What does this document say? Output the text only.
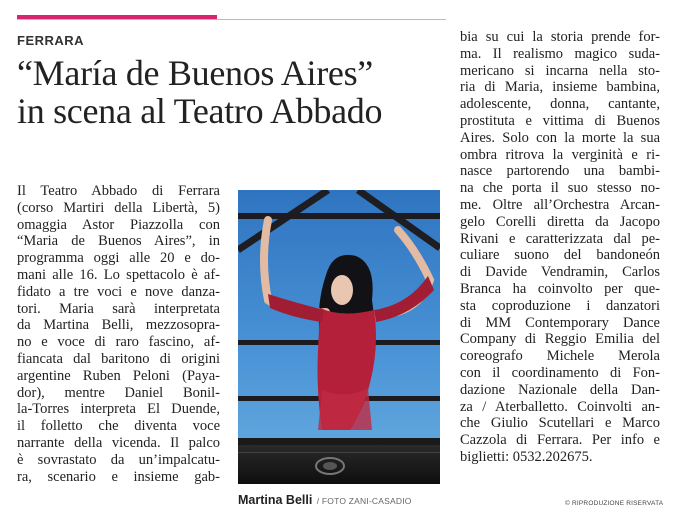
FERRARA
“María de Buenos Aires”
in scena al Teatro Abbado
Il Teatro Abbado di Ferrara
(corso Martiri della Libertà, 5)
omaggia Astor Piazzolla con
“Maria de Buenos Aires”, in
programma oggi alle 20 e do-
mani alle 16. Lo spettacolo è af-
fidato a tre voci e nove danza-
tori. Maria sarà interpretata
da Martina Belli, mezzosopra-
no e voce di raro fascino, af-
fiancata dal baritono di origini
argentine Ruben Peloni (Paya-
dor), mentre Daniel Bonil-
la-Torres interpreta El Duende,
il folletto che diventa voce
narrante della vicenda. Il palco
è sovrastato da un’impalcatu-
ra, scenario e insieme gab-
Martina Belli / FOTO ZANI-CASADIO
bia su cui la storia prende for-
ma. Il realismo magico suda-
mericano si incarna nella sto-
ria di Maria, insieme bambina,
adolescente, donna, cantante,
prostituta e vittima di Buenos
Aires. Solo con la morte la sua
ombra ritrova la verginità e ri-
nasce partorendo una bambi-
na che porta il suo stesso no-
me. Oltre all’Orchestra Arcan-
gelo Corelli diretta da Jacopo
Rivani e caratterizzata dal pe-
culiare suono del bandoneón
di Davide Vendramin, Carlos
Branca ha coinvolto per que-
sta coproduzione i danzatori
di MM Contemporary Dance
Company di Reggio Emilia del
coreografo Michele Merola
con il coordinamento di Fon-
dazione Nazionale della Dan-
za / Aterballetto. Coinvolti an-
che Giulio Scutellari e Marco
Cazzola di Ferrara. Per info e
biglietti: 0532.202675.
© RIPRODUZIONE RISERVATA
